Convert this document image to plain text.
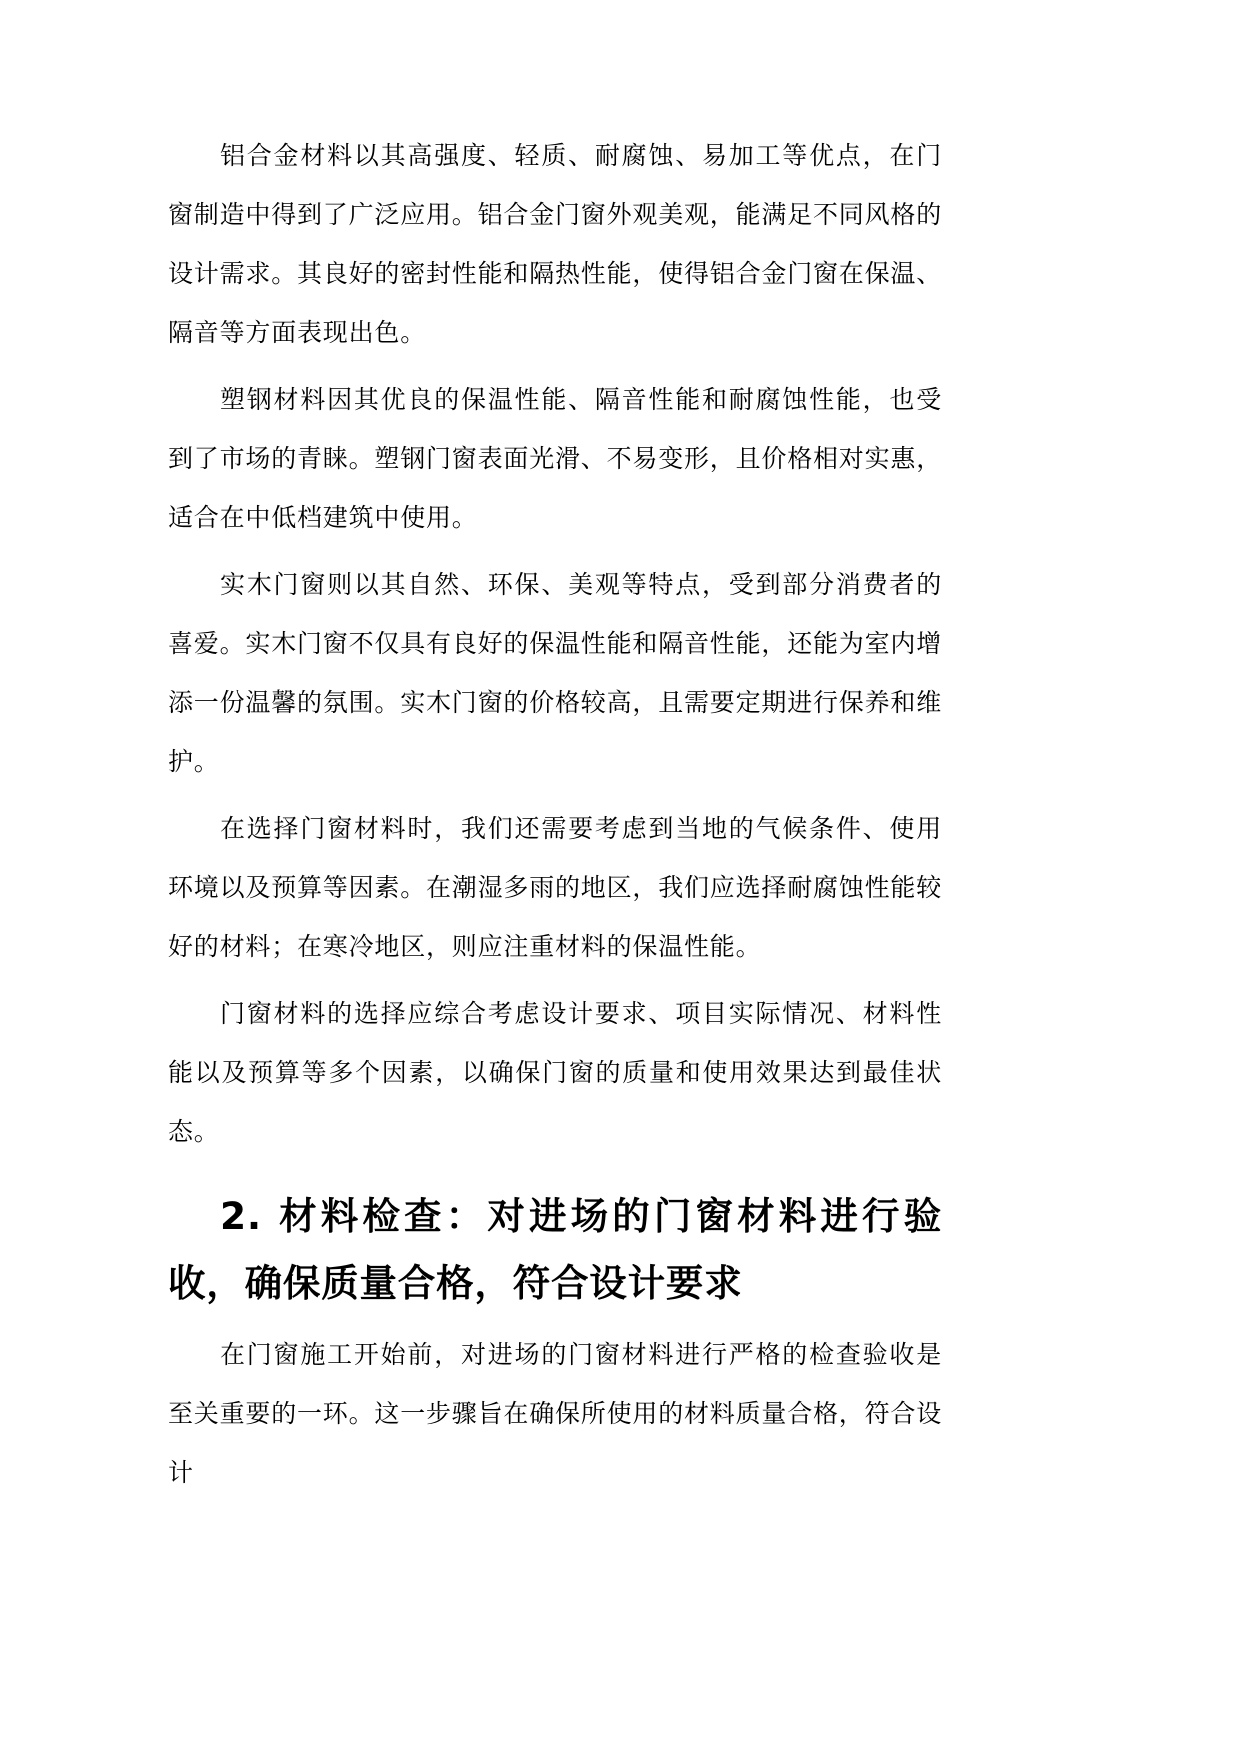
铝合金材料以其高强度、轻质、耐腐蚀、易加工等优点，在门窗制造中得到了广泛应用。铝合金门窗外观美观，能满足不同风格的设计需求。其良好的密封性能和隔热性能，使得铝合金门窗在保温、隔音等方面表现出色。

塑钢材料因其优良的保温性能、隔音性能和耐腐蚀性能，也受到了市场的青睐。塑钢门窗表面光滑、不易变形，且价格相对实惠，适合在中低档建筑中使用。

实木门窗则以其自然、环保、美观等特点，受到部分消费者的喜爱。实木门窗不仅具有良好的保温性能和隔音性能，还能为室内增添一份温馨的氛围。实木门窗的价格较高，且需要定期进行保养和维护。

在选择门窗材料时，我们还需要考虑到当地的气候条件、使用环境以及预算等因素。在潮湿多雨的地区，我们应选择耐腐蚀性能较好的材料；在寒冷地区，则应注重材料的保温性能。

门窗材料的选择应综合考虑设计要求、项目实际情况、材料性能以及预算等多个因素，以确保门窗的质量和使用效果达到最佳状态。

2. 材料检查：对进场的门窗材料进行验收，确保质量合格，符合设计要求

在门窗施工开始前，对进场的门窗材料进行严格的检查验收是至关重要的一环。这一步骤旨在确保所使用的材料质量合格，符合设计
